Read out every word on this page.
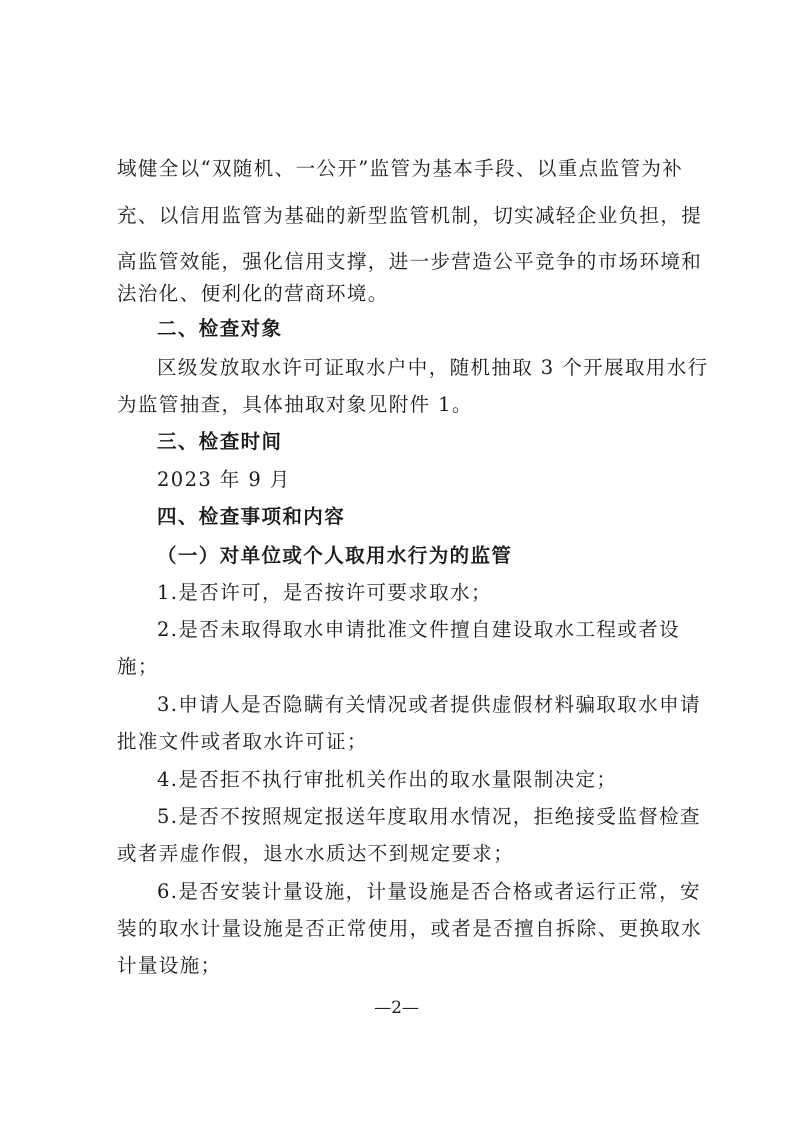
域健全以“双随机、一公开”监管为基本手段、以重点监管为补

充、以信用监管为基础的新型监管机制，切实减轻企业负担，提

高监管效能，强化信用支撑，进一步营造公平竞争的市场环境和

法治化、便利化的营商环境。

二、检查对象

区级发放取水许可证取水户中，随机抽取 3 个开展取用水行

为监管抽查，具体抽取对象见附件 1。

三、检查时间

2023 年 9 月

四、检查事项和内容

（一）对单位或个人取用水行为的监管

1.是否许可，是否按许可要求取水；

2.是否未取得取水申请批准文件擅自建设取水工程或者设

施；

3.申请人是否隐瞒有关情况或者提供虚假材料骗取取水申请

批准文件或者取水许可证；

4.是否拒不执行审批机关作出的取水量限制决定；

5.是否不按照规定报送年度取用水情况，拒绝接受监督检查

或者弄虚作假，退水水质达不到规定要求；

6.是否安装计量设施，计量设施是否合格或者运行正常，安

装的取水计量设施是否正常使用，或者是否擅自拆除、更换取水

计量设施；

—2—
